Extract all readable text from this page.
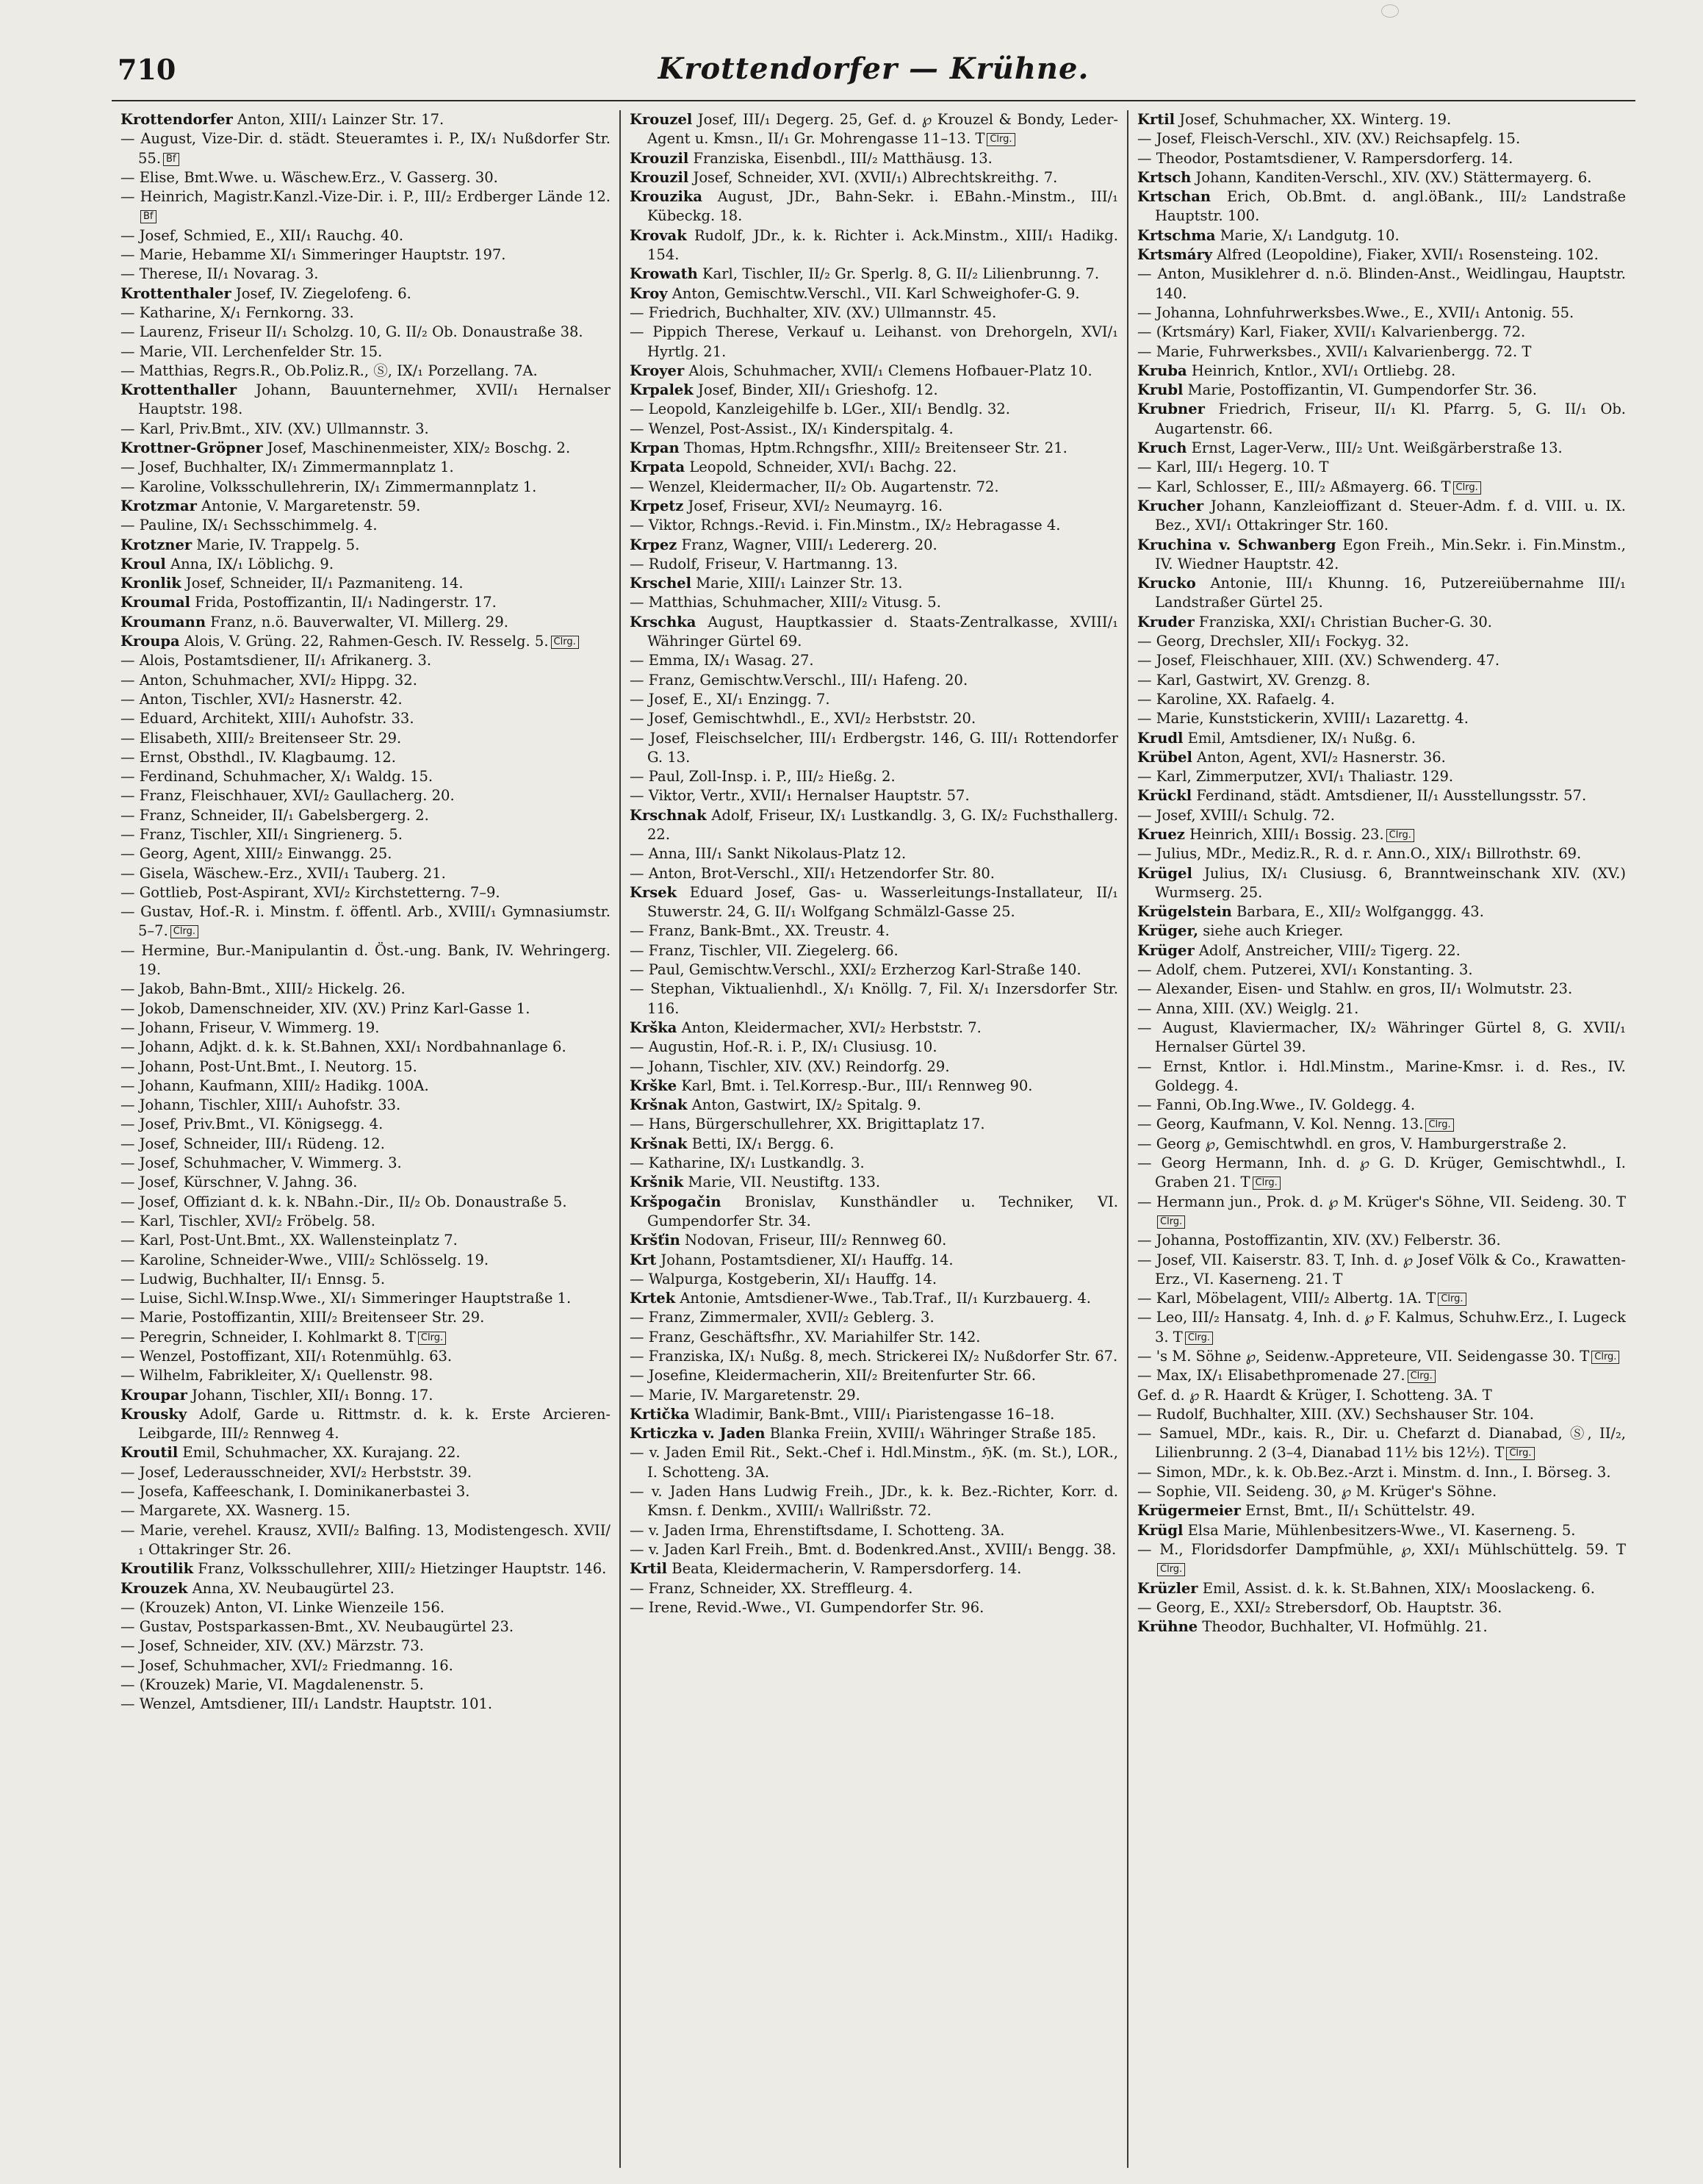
710	Krottendorfer — Krühne.

Krottendorfer Anton, XIII/₁ Lainzer Str. 17.

— August, Vize-Dir. d. städt. Steueramtes i. P., IX/₁ Nußdorfer Str. 55. Bf

— Elise, Bmt.Wwe. u. Wäschew.Erz., V. Gasserg. 30.

— Heinrich, Magistr.Kanzl.-Vize-Dir. i. P., III/₂ Erdberger Lände 12.Bf

— Josef, Schmied, E., XII/₁ Rauchg. 40.

— Marie, Hebamme XI/₁ Simmeringer Hauptstr. 197.

— Therese, II/₁ Novarag. 3.

Krottenthaler Josef, IV. Ziegelofeng. 6.

— Katharine, X/₁ Fernkorng. 33.

— Laurenz, Friseur II/₁ Scholzg. 10, G. II/₂ Ob. Donaustraße 38.

— Marie, VII. Lerchenfelder Str. 15.

— Matthias, Regrs.R., Ob.Poliz.R., Ⓢ, IX/₁ Porzellang. 7A.

Krottenthaller Johann, Bauunternehmer, XVII/₁ Hernalser Hauptstr. 198.

— Karl, Priv.Bmt., XIV. (XV.) Ullmannstr. 3.

Krottner-Gröpner Josef, Maschinenmeister, XIX/₂ Boschg. 2.

— Josef, Buchhalter, IX/₁ Zimmermannplatz 1.

— Karoline, Volksschullehrerin, IX/₁ Zimmermannplatz 1.

Krotzmar Antonie, V. Margaretenstr. 59.

— Pauline, IX/₁ Sechsschimmelg. 4.

Krotzner Marie, IV. Trappelg. 5.

Kroul Anna, IX/₁ Löblichg. 9.

Kronlik Josef, Schneider, II/₁ Pazmaniteng. 14.

Kroumal Frida, Postoffizantin, II/₁ Nadingerstr. 17.

Kroumann Franz, n.ö. Bauverwalter, VI. Millerg. 29.

Kroupa Alois, V. Grüng. 22, Rahmen-Gesch. IV. Resselg. 5. Clrg.

— Alois, Postamtsdiener, II/₁ Afrikanerg. 3.

— Anton, Schuhmacher, XVI/₂ Hippg. 32.

— Anton, Tischler, XVI/₂ Hasnerstr. 42.

— Eduard, Architekt, XIII/₁ Auhofstr. 33.

— Elisabeth, XIII/₂ Breitenseer Str. 29.

— Ernst, Obsthdl., IV. Klagbaumg. 12.

— Ferdinand, Schuhmacher, X/₁ Waldg. 15.

— Franz, Fleischhauer, XVI/₂ Gaullacherg. 20.

— Franz, Schneider, II/₁ Gabelsbergerg. 2.

— Franz, Tischler, XII/₁ Singrienerg. 5.

— Georg, Agent, XIII/₂ Einwangg. 25.

— Gisela, Wäschew.-Erz., XVII/₁ Tauberg. 21.

— Gottlieb, Post-Aspirant, XVI/₂ Kirchstetterng. 7–9.

— Gustav, Hof.-R. i. Minstm. f. öffentl. Arb., XVIII/₁ Gymnasiumstr. 5–7. Clrg.

— Hermine, Bur.-Manipulantin d. Öst.-ung. Bank, IV. Wehringerg. 19.

— Jakob, Bahn-Bmt., XIII/₂ Hickelg. 26.

— Jokob, Damenschneider, XIV. (XV.) Prinz Karl-Gasse 1.

— Johann, Friseur, V. Wimmerg. 19.

— Johann, Adjkt. d. k. k. St.Bahnen, XXI/₁ Nordbahnanlage 6.

— Johann, Post-Unt.Bmt., I. Neutorg. 15.

— Johann, Kaufmann, XIII/₂ Hadikg. 100A.

— Johann, Tischler, XIII/₁ Auhofstr. 33.

— Josef, Priv.Bmt., VI. Königsegg. 4.

— Josef, Schneider, III/₁ Rüdeng. 12.

— Josef, Schuhmacher, V. Wimmerg. 3.

— Josef, Kürschner, V. Jahng. 36.

— Josef, Offiziant d. k. k. NBahn.-Dir., II/₂ Ob. Donaustraße 5.

— Karl, Tischler, XVI/₂ Fröbelg. 58.

— Karl, Post-Unt.Bmt., XX. Wallensteinplatz 7.

— Karoline, Schneider-Wwe., VIII/₂ Schlösselg. 19.

— Ludwig, Buchhalter, II/₁ Ennsg. 5.

— Luise, Sichl.W.Insp.Wwe., XI/₁ Simmeringer Hauptstraße 1.

— Marie, Postoffizantin, XIII/₂ Breitenseer Str. 29.

— Peregrin, Schneider, I. Kohlmarkt 8. T Clrg.

— Wenzel, Postoffizant, XII/₁ Rotenmühlg. 63.

— Wilhelm, Fabrikleiter, X/₁ Quellenstr. 98.

Kroupar Johann, Tischler, XII/₁ Bonng. 17.

Krousky Adolf, Garde u. Rittmstr. d. k. k. Erste Arcieren-Leibgarde, III/₂ Rennweg 4.

Kroutil Emil, Schuhmacher, XX. Kurajang. 22.

— Josef, Lederausschneider, XVI/₂ Herbststr. 39.

— Josefa, Kaffeeschank, I. Dominikanerbastei 3.

— Margarete, XX. Wasnerg. 15.

— Marie, verehel. Krausz, XVII/₂ Balfing. 13, Modistengesch. XVII/₁ Ottakringer Str. 26.

Kroutilik Franz, Volksschullehrer, XIII/₂ Hietzinger Hauptstr. 146.

Krouzek Anna, XV. Neubaugürtel 23.

— (Krouzek) Anton, VI. Linke Wienzeile 156.

— Gustav, Postsparkassen-Bmt., XV. Neubaugürtel 23.

— Josef, Schneider, XIV. (XV.) Märzstr. 73.

— Josef, Schuhmacher, XVI/₂ Friedmanng. 16.

— (Krouzek) Marie, VI. Magdalenenstr. 5.

— Wenzel, Amtsdiener, III/₁ Landstr. Hauptstr. 101.

Krouzel Josef, III/₁ Degerg. 25, Gef. d. ℘ Krouzel & Bondy, Leder-Agent u. Kmsn., II/₁ Gr. Mohrengasse 11–13. T Clrg.

Krouzil Franziska, Eisenbdl., III/₂ Matthäusg. 13.

Krouzil Josef, Schneider, XVI. (XVII/₁) Albrechtskreithg. 7.

Krouzika August, JDr., Bahn-Sekr. i. EBahn.-Minstm., III/₁ Kübeckg. 18.

Krovak Rudolf, JDr., k. k. Richter i. Ack.Minstm., XIII/₁ Hadikg. 154.

Krowath Karl, Tischler, II/₂ Gr. Sperlg. 8, G. II/₂ Lilienbrunng. 7.

Kroy Anton, Gemischtw.Verschl., VII. Karl Schweighofer-G. 9.

— Friedrich, Buchhalter, XIV. (XV.) Ullmannstr. 45.

— Pippich Therese, Verkauf u. Leihanst. von Drehorgeln, XVI/₁ Hyrtlg. 21.

Kroyer Alois, Schuhmacher, XVII/₁ Clemens Hofbauer-Platz 10.

Krpalek Josef, Binder, XII/₁ Grieshofg. 12.

— Leopold, Kanzleigehilfe b. LGer., XII/₁ Bendlg. 32.

— Wenzel, Post-Assist., IX/₁ Kinderspitalg. 4.

Krpan Thomas, Hptm.Rchngsfhr., XIII/₂ Breitenseer Str. 21.

Krpata Leopold, Schneider, XVI/₁ Bachg. 22.

— Wenzel, Kleidermacher, II/₂ Ob. Augartenstr. 72.

Krpetz Josef, Friseur, XVI/₂ Neumayrg. 16.

— Viktor, Rchngs.-Revid. i. Fin.Minstm., IX/₂ Hebragasse 4.

Krpez Franz, Wagner, VIII/₁ Ledererg. 20.

— Rudolf, Friseur, V. Hartmanng. 13.

Krschel Marie, XIII/₁ Lainzer Str. 13.

— Matthias, Schuhmacher, XIII/₂ Vitusg. 5.

Krschka August, Hauptkassier d. Staats-Zentralkasse, XVIII/₁ Währinger Gürtel 69.

— Emma, IX/₁ Wasag. 27.

— Franz, Gemischtw.Verschl., III/₁ Hafeng. 20.

— Josef, E., XI/₁ Enzingg. 7.

— Josef, Gemischtwhdl., E., XVI/₂ Herbststr. 20.

— Josef, Fleischselcher, III/₁ Erdbergstr. 146, G. III/₁ Rottendorfer G. 13.

— Paul, Zoll-Insp. i. P., III/₂ Hießg. 2.

— Viktor, Vertr., XVII/₁ Hernalser Hauptstr. 57.

Krschnak Adolf, Friseur, IX/₁ Lustkandlg. 3, G. IX/₂ Fuchsthallerg. 22.

— Anna, III/₁ Sankt Nikolaus-Platz 12.

— Anton, Brot-Verschl., XII/₁ Hetzendorfer Str. 80.

Krsek Eduard Josef, Gas- u. Wasserleitungs-Installateur, II/₁ Stuwerstr. 24, G. II/₁ Wolfgang Schmälzl-Gasse 25.

— Franz, Bank-Bmt., XX. Treustr. 4.

— Franz, Tischler, VII. Ziegelerg. 66.

— Paul, Gemischtw.Verschl., XXI/₂ Erzherzog Karl-Straße 140.

— Stephan, Viktualienhdl., X/₁ Knöllg. 7, Fil. X/₁ Inzersdorfer Str. 116.

Krška Anton, Kleidermacher, XVI/₂ Herbststr. 7.

— Augustin, Hof.-R. i. P., IX/₁ Clusiusg. 10.

— Johann, Tischler, XIV. (XV.) Reindorfg. 29.

Krške Karl, Bmt. i. Tel.Korresp.-Bur., III/₁ Rennweg 90.

Kršnak Anton, Gastwirt, IX/₂ Spitalg. 9.

— Hans, Bürgerschullehrer, XX. Brigittaplatz 17.

Kršnak Betti, IX/₁ Bergg. 6.

— Katharine, IX/₁ Lustkandlg. 3.

Kršnik Marie, VII. Neustiftg. 133.

Kršpogačin Bronislav, Kunsthändler u. Techniker, VI. Gumpendorfer Str. 34.

Kršťin Nodovan, Friseur, III/₂ Rennweg 60.

Krt Johann, Postamtsdiener, XI/₁ Hauffg. 14.

— Walpurga, Kostgeberin, XI/₁ Hauffg. 14.

Krtek Antonie, Amtsdiener-Wwe., Tab.Traf., II/₁ Kurzbauerg. 4.

— Franz, Zimmermaler, XVII/₂ Geblerg. 3.

— Franz, Geschäftsfhr., XV. Mariahilfer Str. 142.

— Franziska, IX/₁ Nußg. 8, mech. Strickerei IX/₂ Nußdorfer Str. 67.

— Josefine, Kleidermacherin, XII/₂ Breitenfurter Str. 66.

— Marie, IV. Margaretenstr. 29.

Krtička Wladimir, Bank-Bmt., VIII/₁ Piaristengasse 16–18.

Krticzka v. Jaden Blanka Freiin, XVIII/₁ Währinger Straße 185.

— v. Jaden Emil Rit., Sekt.-Chef i. Hdl.Minstm., ℌK. (m. St.), LOR., I. Schotteng. 3A.

— v. Jaden Hans Ludwig Freih., JDr., k. k. Bez.-Richter, Korr. d. Kmsn. f. Denkm., XVIII/₁ Wallrißstr. 72.

— v. Jaden Irma, Ehrenstiftsdame, I. Schotteng. 3A.

— v. Jaden Karl Freih., Bmt. d. Bodenkred.Anst., XVIII/₁ Bengg. 38.

Krtil Beata, Kleidermacherin, V. Rampersdorferg. 14.

— Franz, Schneider, XX. Streffleurg. 4.

— Irene, Revid.-Wwe., VI. Gumpendorfer Str. 96.

Krtil Josef, Schuhmacher, XX. Winterg. 19.

— Josef, Fleisch-Verschl., XIV. (XV.) Reichsapfelg. 15.

— Theodor, Postamtsdiener, V. Rampersdorferg. 14.

Krtsch Johann, Kanditen-Verschl., XIV. (XV.) Stättermayerg. 6.

Krtschan Erich, Ob.Bmt. d. angl.öBank., III/₂ Landstraße Hauptstr. 100.

Krtschma Marie, X/₁ Landgutg. 10.

Krtsmáry Alfred (Leopoldine), Fiaker, XVII/₁ Rosensteing. 102.

— Anton, Musiklehrer d. n.ö. Blinden-Anst., Weidlingau, Hauptstr. 140.

— Johanna, Lohnfuhrwerksbes.Wwe., E., XVII/₁ Antonig. 55.

— (Krtsmáry) Karl, Fiaker, XVII/₁ Kalvarienbergg. 72.

— Marie, Fuhrwerksbes., XVII/₁ Kalvarienbergg. 72. T

Kruba Heinrich, Kntlor., XVI/₁ Ortliebg. 28.

Krubl Marie, Postoffizantin, VI. Gumpendorfer Str. 36.

Krubner Friedrich, Friseur, II/₁ Kl. Pfarrg. 5, G. II/₁ Ob. Augartenstr. 66.

Kruch Ernst, Lager-Verw., III/₂ Unt. Weißgärberstraße 13.

— Karl, III/₁ Hegerg. 10. T

— Karl, Schlosser, E., III/₂ Aßmayerg. 66. T Clrg.

Krucher Johann, Kanzleioffizant d. Steuer-Adm. f. d. VIII. u. IX. Bez., XVI/₁ Ottakringer Str. 160.

Kruchina v. Schwanberg Egon Freih., Min.Sekr. i. Fin.Minstm., IV. Wiedner Hauptstr. 42.

Krucko Antonie, III/₁ Khunng. 16, Putzereiübernahme III/₁ Landstraßer Gürtel 25.

Kruder Franziska, XXI/₁ Christian Bucher-G. 30.

— Georg, Drechsler, XII/₁ Fockyg. 32.

— Josef, Fleischhauer, XIII. (XV.) Schwenderg. 47.

— Karl, Gastwirt, XV. Grenzg. 8.

— Karoline, XX. Rafaelg. 4.

— Marie, Kunststickerin, XVIII/₁ Lazarettg. 4.

Krudl Emil, Amtsdiener, IX/₁ Nußg. 6.

Krübel Anton, Agent, XVI/₂ Hasnerstr. 36.

— Karl, Zimmerputzer, XVI/₁ Thaliastr. 129.

Krückl Ferdinand, städt. Amtsdiener, II/₁ Ausstellungsstr. 57.

— Josef, XVIII/₁ Schulg. 72.

Kruez Heinrich, XIII/₁ Bossig. 23. Clrg.

— Julius, MDr., Mediz.R., R. d. r. Ann.O., XIX/₁ Billrothstr. 69.

Krügel Julius, IX/₁ Clusiusg. 6, Branntweinschank XIV. (XV.) Wurmserg. 25.

Krügelstein Barbara, E., XII/₂ Wolfganggg. 43.

Krüger, siehe auch Krieger.

Krüger Adolf, Anstreicher, VIII/₂ Tigerg. 22.

— Adolf, chem. Putzerei, XVI/₁ Konstanting. 3.

— Alexander, Eisen- und Stahlw. en gros, II/₁ Wolmutstr. 23.

— Anna, XIII. (XV.) Weiglg. 21.

— August, Klaviermacher, IX/₂ Währinger Gürtel 8, G. XVII/₁ Hernalser Gürtel 39.

— Ernst, Kntlor. i. Hdl.Minstm., Marine-Kmsr. i. d. Res., IV. Goldegg. 4.

— Fanni, Ob.Ing.Wwe., IV. Goldegg. 4.

— Georg, Kaufmann, V. Kol. Nenng. 13. Clrg.

— Georg ℘, Gemischtwhdl. en gros, V. Hamburgerstraße 2.

— Georg Hermann, Inh. d. ℘ G. D. Krüger, Gemischtwhdl., I. Graben 21. T Clrg.

— Hermann jun., Prok. d. ℘ M. Krüger's Söhne, VII. Seideng. 30. TClrg.

— Johanna, Postoffizantin, XIV. (XV.) Felberstr. 36.

— Josef, VII. Kaiserstr. 83. T, Inh. d. ℘ Josef Völk & Co., Krawatten-Erz., VI. Kaserneng. 21. T

— Karl, Möbelagent, VIII/₂ Albertg. 1A. T Clrg.

— Leo, III/₂ Hansatg. 4, Inh. d. ℘ F. Kalmus, Schuhw.Erz., I. Lugeck 3. T Clrg.

— 's M. Söhne ℘, Seidenw.-Appreteure, VII. Seidengasse 30. T Clrg.

— Max, IX/₁ Elisabethpromenade 27. Clrg.

Gef. d. ℘ R. Haardt & Krüger, I. Schotteng. 3A. T

— Rudolf, Buchhalter, XIII. (XV.) Sechshauser Str. 104.

— Samuel, MDr., kais. R., Dir. u. Chefarzt d. Dianabad, Ⓢ, II/₂, Lilienbrunng. 2 (3–4, Dianabad 11½ bis 12½). T Clrg.

— Simon, MDr., k. k. Ob.Bez.-Arzt i. Minstm. d. Inn., I. Börseg. 3.

— Sophie, VII. Seideng. 30, ℘ M. Krüger's Söhne.

Krügermeier Ernst, Bmt., II/₁ Schüttelstr. 49.

Krügl Elsa Marie, Mühlenbesitzers-Wwe., VI. Kaserneng. 5.

— M., Floridsdorfer Dampfmühle, ℘, XXI/₁ Mühlschüttelg. 59. TClrg.

Krüzler Emil, Assist. d. k. k. St.Bahnen, XIX/₁ Mooslackeng. 6.

— Georg, E., XXI/₂ Strebersdorf, Ob. Hauptstr. 36.

Krühne Theodor, Buchhalter, VI. Hofmühlg. 21.
